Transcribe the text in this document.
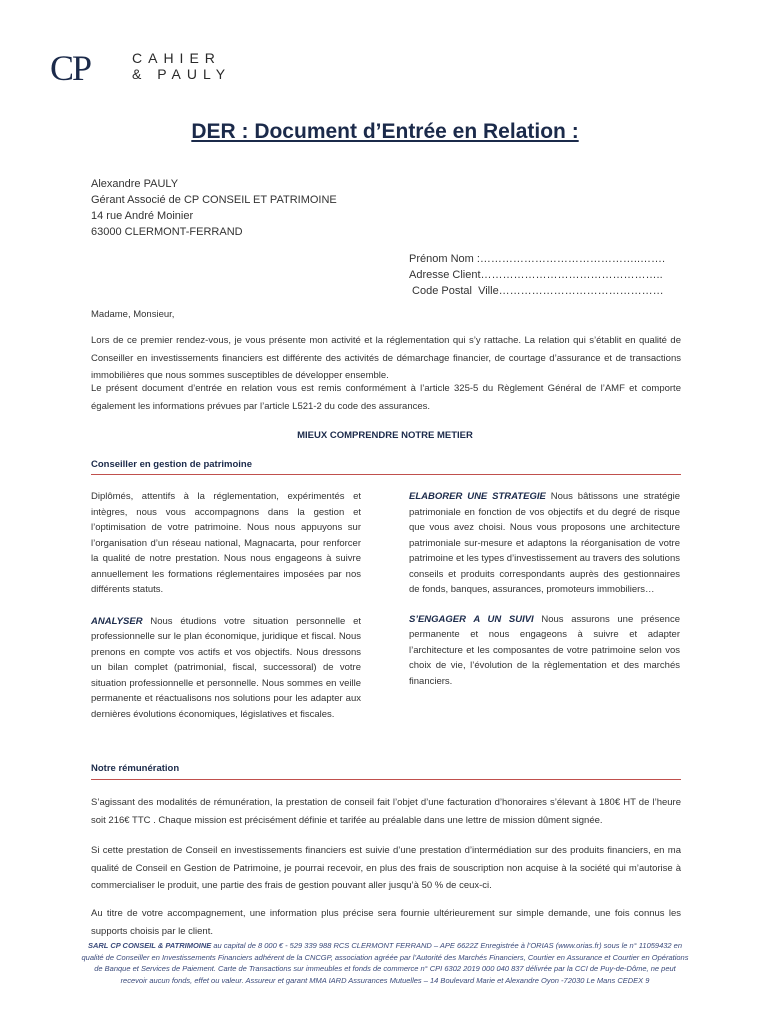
CP	CAHIER
& PAULY
DER : Document d’Entrée en Relation :
Alexandre PAULY
Gérant Associé de CP CONSEIL ET PATRIMOINE
14 rue André Moinier
63000 CLERMONT-FERRAND
Prénom Nom :……………………………………..…….
Adresse Client…………………………………………..
Code Postal  Ville………………………………………
Madame, Monsieur,
Lors de ce premier rendez-vous, je vous présente mon activité et la réglementation qui s’y rattache. La relation qui s’établit en qualité de Conseiller en investissements financiers est différente des activités de démarchage financier, de courtage d’assurance et de transactions immobilières que nous sommes susceptibles de développer ensemble.
Le présent document d’entrée en relation vous est remis conformément à l’article 325-5 du Règlement Général de l’AMF et comporte également les informations prévues par l’article L521-2 du code des assurances.
MIEUX COMPRENDRE NOTRE METIER
Conseiller en gestion de patrimoine
Diplômés, attentifs à la réglementation, expérimentés et intègres, nous vous accompagnons dans la gestion et l’optimisation de votre patrimoine. Nous nous appuyons sur l’organisation d’un réseau national, Magnacarta, pour renforcer la qualité de notre prestation. Nous nous engageons à suivre annuellement les formations réglementaires imposées par nos différents statuts.
ANALYSER Nous étudions votre situation personnelle et professionnelle sur le plan économique, juridique et fiscal. Nous prenons en compte vos actifs et vos objectifs. Nous dressons un bilan complet (patrimonial, fiscal, successoral) de votre situation professionnelle et personnelle. Nous sommes en veille permanente et réactualisons nos solutions pour les adapter aux dernières évolutions économiques, législatives et fiscales.
ELABORER UNE STRATEGIE Nous bâtissons une stratégie patrimoniale en fonction de vos objectifs et du degré de risque que vous avez choisi. Nous vous proposons une architecture patrimoniale sur-mesure et adaptons la réorganisation de votre patrimoine et les types d’investissement au travers des solutions conseils et produits correspondants auprès des gestionnaires de fonds, banques, assurances, promoteurs immobiliers…
S’ENGAGER A UN SUIVI Nous assurons une présence permanente et nous engageons à suivre et adapter l’architecture et les composantes de votre patrimoine selon vos choix de vie, l’évolution de la règlementation et des marchés financiers.
Notre rémunération
S’agissant des modalités de rémunération, la prestation de conseil fait l’objet d’une facturation d’honoraires s’élevant à 180€ HT de l’heure soit 216€ TTC . Chaque mission est précisément définie et tarifée au préalable dans une lettre de mission dûment signée.
Si cette prestation de Conseil en investissements financiers est suivie d’une prestation d’intermédiation sur des produits financiers, en ma qualité de Conseil en Gestion de Patrimoine, je pourrai recevoir, en plus des frais de souscription non acquise à la société qui m’autorise à commercialiser le produit, une partie des frais de gestion pouvant aller jusqu’à 50 % de ceux-ci.
Au titre de votre accompagnement, une information plus précise sera fournie ultérieurement sur simple demande, une fois connus les supports choisis par le client.
SARL CP CONSEIL & PATRIMOINE au capital de 8 000 € - 529 339 988 RCS CLERMONT FERRAND – APE 6622Z Enregistrée à l’ORIAS (www.orias.fr) sous le n° 11059432 en qualité de Conseiller en Investissements Financiers adhérent de la CNCGP, association agréée par l’Autorité des Marchés Financiers, Courtier en Assurance et Courtier en Opérations de Banque et Services de Paiement. Carte de Transactions sur immeubles et fonds de commerce n° CPI 6302 2019 000 040 837 délivrée par la CCI de Puy-de-Dôme, ne peut recevoir aucun fonds, effet ou valeur. Assureur et garant MMA IARD Assurances Mutuelles – 14 Boulevard Marie et Alexandre Oyon -72030 Le Mans CEDEX 9
